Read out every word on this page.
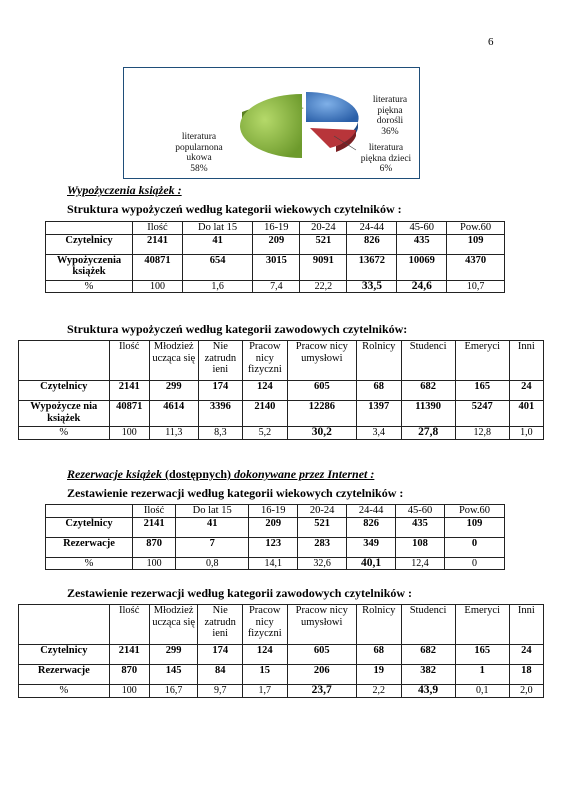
6
literatura
piękna
dorośli
36%
literatura
piękna dzieci
6%
literatura
popularnona
ukowa
58%
Wypożyczenia książek :
Struktura wypożyczeń według kategorii wiekowych czytelników :
	Ilość	Do lat 15	16-19	20-24	24-44	45-60	Pow.60
Czytelnicy	2141	41	209	521	826	435	109
Wypożyczenia książek	40871	654	3015	9091	13672	10069	4370
%	100	1,6	7,4	22,2	33,5	24,6	10,7
Struktura wypożyczeń według kategorii zawodowych czytelników:
	Ilość	Młodzież ucząca się	Nie zatrudn ieni	Pracow nicy fizyczni	Pracow nicy umysłowi	Rolnicy	Studenci	Emeryci	Inni
Czytelnicy	2141	299	174	124	605	68	682	165	24
Wypożycze nia książek	40871	4614	3396	2140	12286	1397	11390	5247	401
%	100	11,3	8,3	5,2	30,2	3,4	27,8	12,8	1,0
Rezerwacje książek (dostępnych) dokonywane przez Internet :
Zestawienie rezerwacji według kategorii wiekowych czytelników :
	Ilość	Do lat 15	16-19	20-24	24-44	45-60	Pow.60
Czytelnicy	2141	41	209	521	826	435	109
Rezerwacje	870	7	123	283	349	108	0
%	100	0,8	14,1	32,6	40,1	12,4	0
Zestawienie rezerwacji według kategorii zawodowych czytelników :
	Ilość	Młodzież ucząca się	Nie zatrudn ieni	Pracow nicy fizyczni	Pracow nicy umysłowi	Rolnicy	Studenci	Emeryci	Inni
Czytelnicy	2141	299	174	124	605	68	682	165	24
Rezerwacje	870	145	84	15	206	19	382	1	18
%	100	16,7	9,7	1,7	23,7	2,2	43,9	0,1	2,0
